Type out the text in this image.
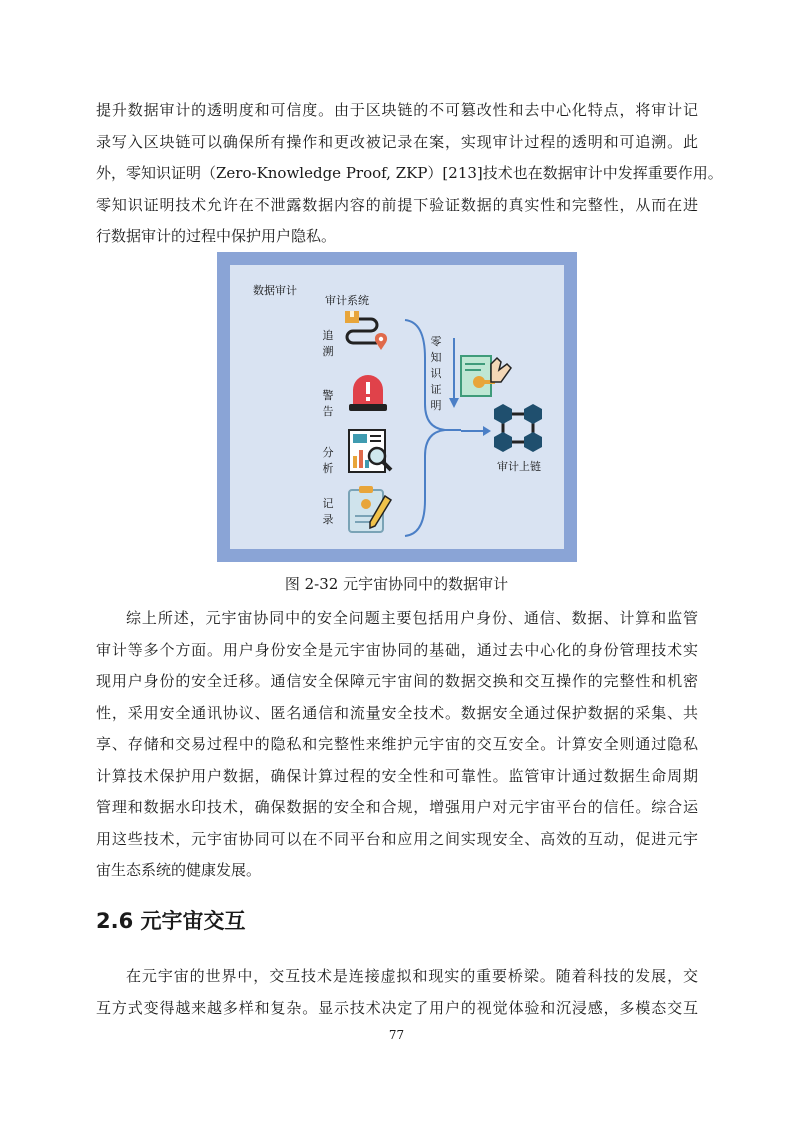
提升数据审计的透明度和可信度。由于区块链的不可篡改性和去中心化特点，将审计记
录写入区块链可以确保所有操作和更改被记录在案，实现审计过程的透明和可追溯。此
外，零知识证明（Zero-Knowledge Proof, ZKP）[213]技术也在数据审计中发挥重要作用。
零知识证明技术允许在不泄露数据内容的前提下验证数据的真实性和完整性，从而在进
行数据审计的过程中保护用户隐私。

数据审计
审计系统
追溯
警告
分析
记录
零知识证明
审计上链
图 2-32 元宇宙协同中的数据审计

综上所述，元宇宙协同中的安全问题主要包括用户身份、通信、数据、计算和监管
审计等多个方面。用户身份安全是元宇宙协同的基础，通过去中心化的身份管理技术实
现用户身份的安全迁移。通信安全保障元宇宙间的数据交换和交互操作的完整性和机密
性，采用安全通讯协议、匿名通信和流量安全技术。数据安全通过保护数据的采集、共
享、存储和交易过程中的隐私和完整性来维护元宇宙的交互安全。计算安全则通过隐私
计算技术保护用户数据，确保计算过程的安全性和可靠性。监管审计通过数据生命周期
管理和数据水印技术，确保数据的安全和合规，增强用户对元宇宙平台的信任。综合运
用这些技术，元宇宙协同可以在不同平台和应用之间实现安全、高效的互动，促进元宇
宙生态系统的健康发展。

2.6 元宇宙交互

在元宇宙的世界中，交互技术是连接虚拟和现实的重要桥梁。随着科技的发展，交
互方式变得越来越多样和复杂。显示技术决定了用户的视觉体验和沉浸感，多模态交互

77
